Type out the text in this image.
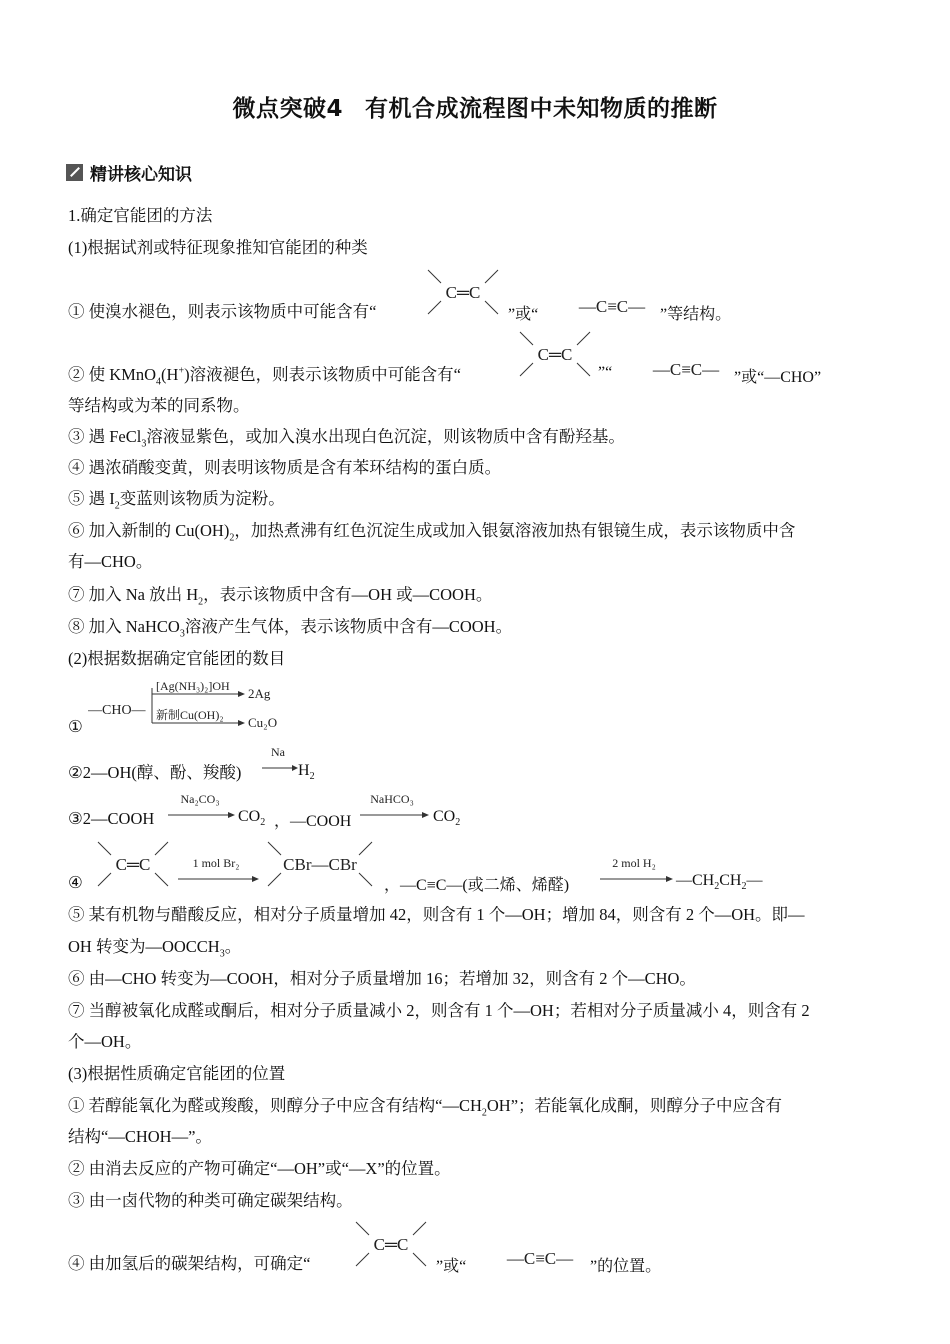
微点突破4 有机合成流程图中未知物质的推断
精讲核心知识
1.确定官能团的方法
(1)根据试剂或特征现象推知官能团的种类
① 使溴水褪色，则表示该物质中可能含有“
C═C
”或“ —C≡C— ”等结构。
② 使 KMnO$_4$(H+)溶液褪色，则表示该物质中可能含有“
C═C
”“ —C≡C— ”或“—CHO”
等结构或为苯的同系物。
③ 遇 FeCl$_3$溶液显紫色，或加入溴水出现白色沉淀，则该物质中含有酚羟基。
④ 遇浓硝酸变黄，则表明该物质是含有苯环结构的蛋白质。
⑤ 遇 $I_2$变蓝则该物质为淀粉。
⑥ 加入新制的 $Cu(OH)_2$，加热煮沸有红色沉淀生成或加入银氨溶液加热有银镜生成，表示该物质中含
有—CHO。
⑦ 加入 Na 放出 $H_2$，表示该物质中含有—OH 或—COOH。
⑧ 加入 NaHCO$_3$溶液产生气体，表示该物质中含有—COOH。
(2)根据数据确定官能团的数目
①
—CHO—
[Ag(NH₃)₂]OH 2Ag
新制Cu(OH)₂ Cu₂O
②2—OH(醇、酚、羧酸)
Na
$H_2$
③2—COOH
Na₂CO₃
$CO_2$ ，—COOH
NaHCO₃
$CO_2$
④
C═C	1 mol Br₂	CBr—CBr
，—C≡C—(或二烯、烯醛)
2 mol H₂
$—CH_2CH_2—$
⑤ 某有机物与醋酸反应，相对分子质量增加 42，则含有 1 个—OH；增加 84，则含有 2 个—OH。即—
OH 转变为$—OOCCH_3$。
⑥ 由—CHO 转变为—COOH，相对分子质量增加 16；若增加 32，则含有 2 个—CHO。
⑦ 当醇被氧化成醛或酮后，相对分子质量减小 2，则含有 1 个—OH；若相对分子质量减小 4，则含有 2
个—OH。
(3)根据性质确定官能团的位置
① 若醇能氧化为醛或羧酸，则醇分子中应含有结构“$—CH_2OH$”；若能氧化成酮，则醇分子中应含有
结构“—CHOH—”。
② 由消去反应的产物可确定“—OH”或“—X”的位置。
③ 由一卤代物的种类可确定碳架结构。
④ 由加氢后的碳架结构，可确定“
C═C
”或“ —C≡C— ”的位置。
